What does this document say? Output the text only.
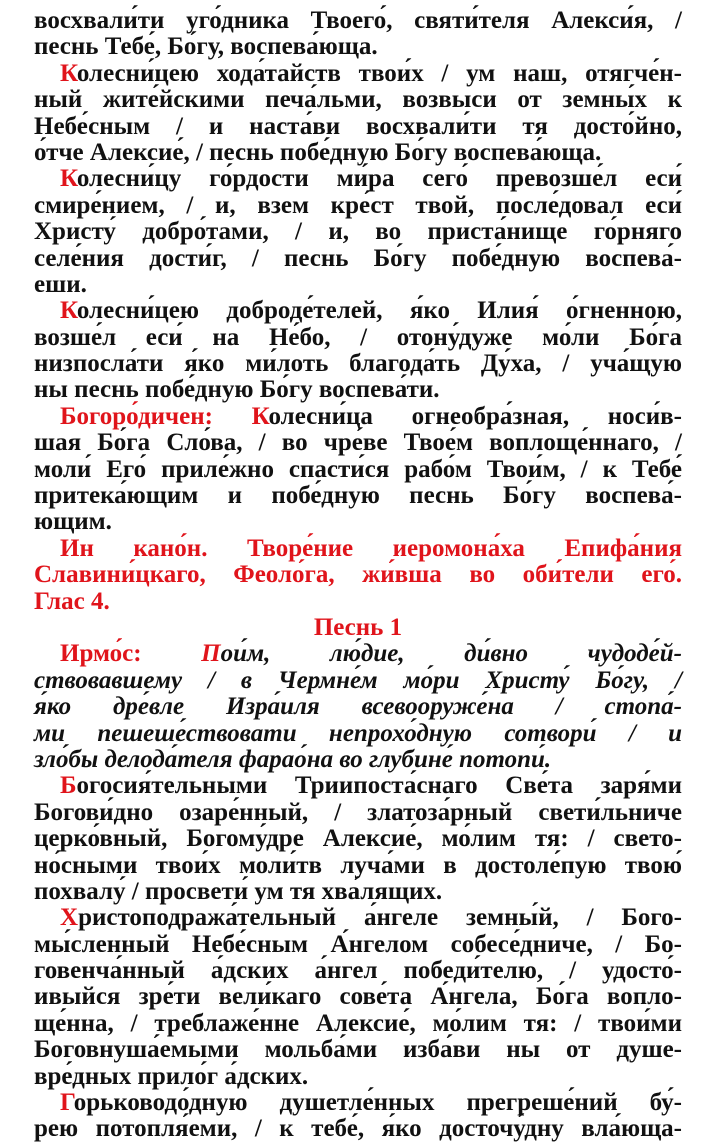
восхвали́ти уго́дника Твоего́, святи́теля Алекси́я, /
песнь Тебе́, Бо́гу, воспева́юща.
Колесни́цею хода́тайств твои́х / ум наш, отягче́н-
ный жите́йскими печа́льми, возвыси от земны́х к
Небе́сным / и наста́ви восхвали́ти тя досто́йно,
о́тче Алексие́, / песнь побе́дную Бо́гу воспева́юща.
Колесни́цу го́рдости ми́ра сего́ превозше́л еси́
смире́нием, / и, взем кре́ст твой, после́довал еси́
Христу́ добро́тами, / и, во приста́нище го́рняго
селе́ния дости́г, / песнь Бо́гу побе́дную воспева́-
еши.
Колесни́цею доброде́телей, я́ко Илия́ о́гненною,
возше́л еси́ на Не́бо, / отону́дуже мо́ли Бо́га
низпосла́ти я́ко ми́лоть благода́ть Ду́ха, / уча́щую
ны песнь побе́дную Бо́гу воспева́ти.
Богоро́дичен: Колесни́ца огнеобра́зная, носи́в-
шая Бо́га Сло́ва, / во чре́ве Твое́м воплоще́ннаго, /
моли́ Его́ приле́жно спасти́ся рабо́м Твои́м, / к Тебе́
притека́ющим и побе́дную песнь Бо́гу воспева́-
ющим.
Ин кано́н. Творе́ние иеромона́ха Епифа́ния
Славини́цкаго, Феоло́га, жи́вша во оби́тели его́.
Глас 4.
Песнь 1
Ирмо́с: Пои́м, лю́дие, ди́вно чудоде́й-
ствовавшему / в Чермне́м мо́ри Христу́ Бо́гу, /
я́ко дре́вле Изра́иля всевооруже́на / стопа́-
ми пешеше́ствовати непрохо́дную сотвори́ / и
зло́бы делода́теля фарао́на во глубине́ потопи́.
Богосия́тельными Триипоста́снаго Све́та заря́ми
Богови́дно озаре́нный, / златоза́рный свети́льниче
церко́вный, Богому́дре Алексие́, мо́лим тя: / свето-
но́сными твои́х моли́тв луча́ми в достоле́пую твою́
похвалу́ / просвети́ ум тя хва́лящих.
Христоподража́тельный а́нгеле земны́й, / Бого-
мы́сленный Небе́сным А́нгелом собесе́дниче, / Бо-
говенча́нный а́дских а́нгел победи́телю, / удосто́-
ивыйся зре́ти вели́каго сове́та А́нгела, Бо́га вопло-
ще́нна, / треблаже́нне Алексие́, мо́лим тя: / твои́ми
Боговнуша́емыми мольба́ми изба́ви ны от душе-
вре́дных прило́г а́дских.
Горьководо́дную душетле́нных прегреше́ний бу́-
рею потопля́еми, / к тебе́, я́ко досточу́дну вла́юща-
